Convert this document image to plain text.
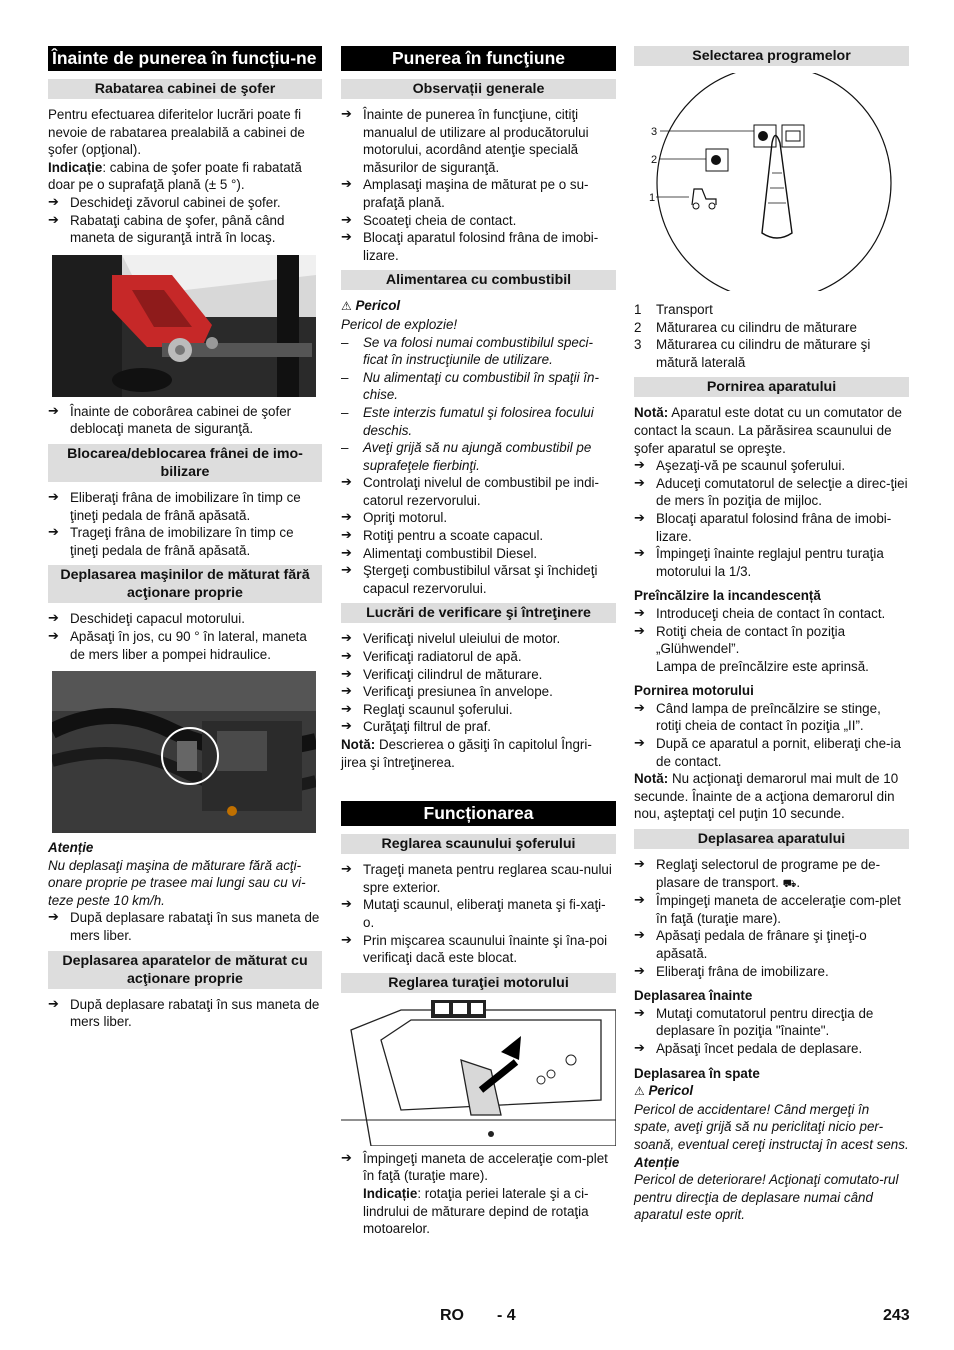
Înainte de punerea în funcțiu-ne
Rabatarea cabinei de şofer

Pentru efectuarea diferitelor lucrări poate fi nevoie de rabatarea prealabilă a cabinei de şofer (opţional).

Indicație: cabina de şofer poate fi rabatată doar pe o suprafaţă plană (± 5 °).

➔ Deschideţi zăvorul cabinei de şofer.

➔ Rabataţi cabina de şofer, până când maneta de siguranţă intră în locaş.

➔ Înainte de coborârea cabinei de şofer deblocaţi maneta de siguranţă.

Blocarea/deblocarea frânei de imo-bilizare

➔ Eliberaţi frâna de imobilizare în timp ce ţineţi pedala de frână apăsată.

➔ Trageţi frâna de imobilizare în timp ce ţineţi pedala de frână apăsată.

Deplasarea maşinilor de măturat fără acţionare proprie

➔ Deschideţi capacul motorului.

➔ Apăsaţi în jos, cu 90 ° în lateral, maneta de mers liber a pompei hidraulice.

Atenție

Nu deplasaţi maşina de măturare fără acţi-onare proprie pe trasee mai lungi sau cu vi-teze peste 10 km/h.

➔ După deplasare rabataţi în sus maneta de mers liber.

Deplasarea aparatelor de măturat cu acţionare proprie

➔ După deplasare rabataţi în sus maneta de mers liber.

Punerea în funcţiune
Observații generale

➔ Înainte de punerea în funcţiune, citiţi manualul de utilizare al producătorului motorului, acordând atenţie specială măsurilor de siguranţă.

➔ Amplasaţi maşina de măturat pe o su-prafaţă plană.

➔ Scoateţi cheia de contact.

➔ Blocaţi aparatul folosind frâna de imobi-lizare.

Alimentarea cu combustibil

⚠ Pericol

Pericol de explozie!

– Se va folosi numai combustibilul speci-ficat în instrucţiunile de utilizare.

– Nu alimentaţi cu combustibil în spaţii în-chise.

– Este interzis fumatul şi folosirea focului deschis.

– Aveţi grijă să nu ajungă combustibil pe suprafeţele fierbinţi.

➔ Controlaţi nivelul de combustibil pe indi-catorul rezervorului.

➔ Opriţi motorul.

➔ Rotiţi pentru a scoate capacul.

➔ Alimentaţi combustibil Diesel.

➔ Ştergeţi combustibilul vărsat şi închideţi capacul rezervorului.

Lucrări de verificare şi întreţinere

➔ Verificaţi nivelul uleiului de motor.

➔ Verificaţi radiatorul de apă.

➔ Verificaţi cilindrul de măturare.

➔ Verificaţi presiunea în anvelope.

➔ Reglaţi scaunul şoferului.

➔ Curăţaţi filtrul de praf.

Notă: Descrierea o găsiţi în capitolul Îngri-jirea şi întreţinerea.

Funcționarea
Reglarea scaunului şoferului

➔ Trageţi maneta pentru reglarea scau-nului spre exterior.

➔ Mutaţi scaunul, eliberaţi maneta şi fi-xaţi-o.

➔ Prin mişcarea scaunului înainte şi îna-poi verificaţi dacă este blocat.

Reglarea turaţiei motorului

➔ Împingeţi maneta de acceleraţie com-plet în faţă (turaţie mare).

Indicație: rotaţia periei laterale şi a ci-lindrului de măturare depind de rotaţia motoarelor.

Selectarea programelor
3
2
1

1 Transport

2 Măturarea cu cilindru de măturare

3 Măturarea cu cilindru de măturare şi mătură laterală

Pornirea aparatului

Notă: Aparatul este dotat cu un comutator de contact la scaun. La părăsirea scaunului de şofer aparatul se opreşte.

➔ Aşezaţi-vă pe scaunul şoferului.

➔ Aduceţi comutatorul de selecţie a direc-ţiei de mers în poziţia de mijloc.

➔ Blocaţi aparatul folosind frâna de imobi-lizare.

➔ Împingeţi înainte reglajul pentru turaţia motorului la 1/3.

Preîncălzire la incandescență

➔ Introduceţi cheia de contact în contact.

➔ Rotiţi cheia de contact în poziţia „Glühwendel”.

Lampa de preîncălzire este aprinsă.

Pornirea motorului

➔ Când lampa de preîncălzire se stinge, rotiţi cheia de contact în poziţia „II”.

➔ După ce aparatul a pornit, eliberaţi che-ia de contact.

Notă: Nu acţionaţi demarorul mai mult de 10 secunde. Înainte de a acţiona demarorul din nou, aşteptaţi cel puţin 10 secunde.

Deplasarea aparatului

➔ Reglaţi selectorul de programe pe de-plasare de transport. ⛟.

➔ Împingeţi maneta de acceleraţie com-plet în faţă (turaţie mare).

➔ Apăsaţi pedala de frânare şi ţineţi-o apăsată.

➔ Eliberaţi frâna de imobilizare.

Deplasarea înainte

➔ Mutaţi comutatorul pentru direcţia de deplasare în poziţia "înainte".

➔ Apăsaţi încet pedala de deplasare.

Deplasarea în spate

⚠ Pericol

Pericol de accidentare! Când mergeţi în spate, aveţi grijă să nu periclitaţi nicio per-soană, eventual cereţi instructaj în acest sens.

Atenție

Pericol de deteriorare! Acţionaţi comutato-rul pentru direcţia de deplasare numai când aparatul este oprit.

RO - 4	243
